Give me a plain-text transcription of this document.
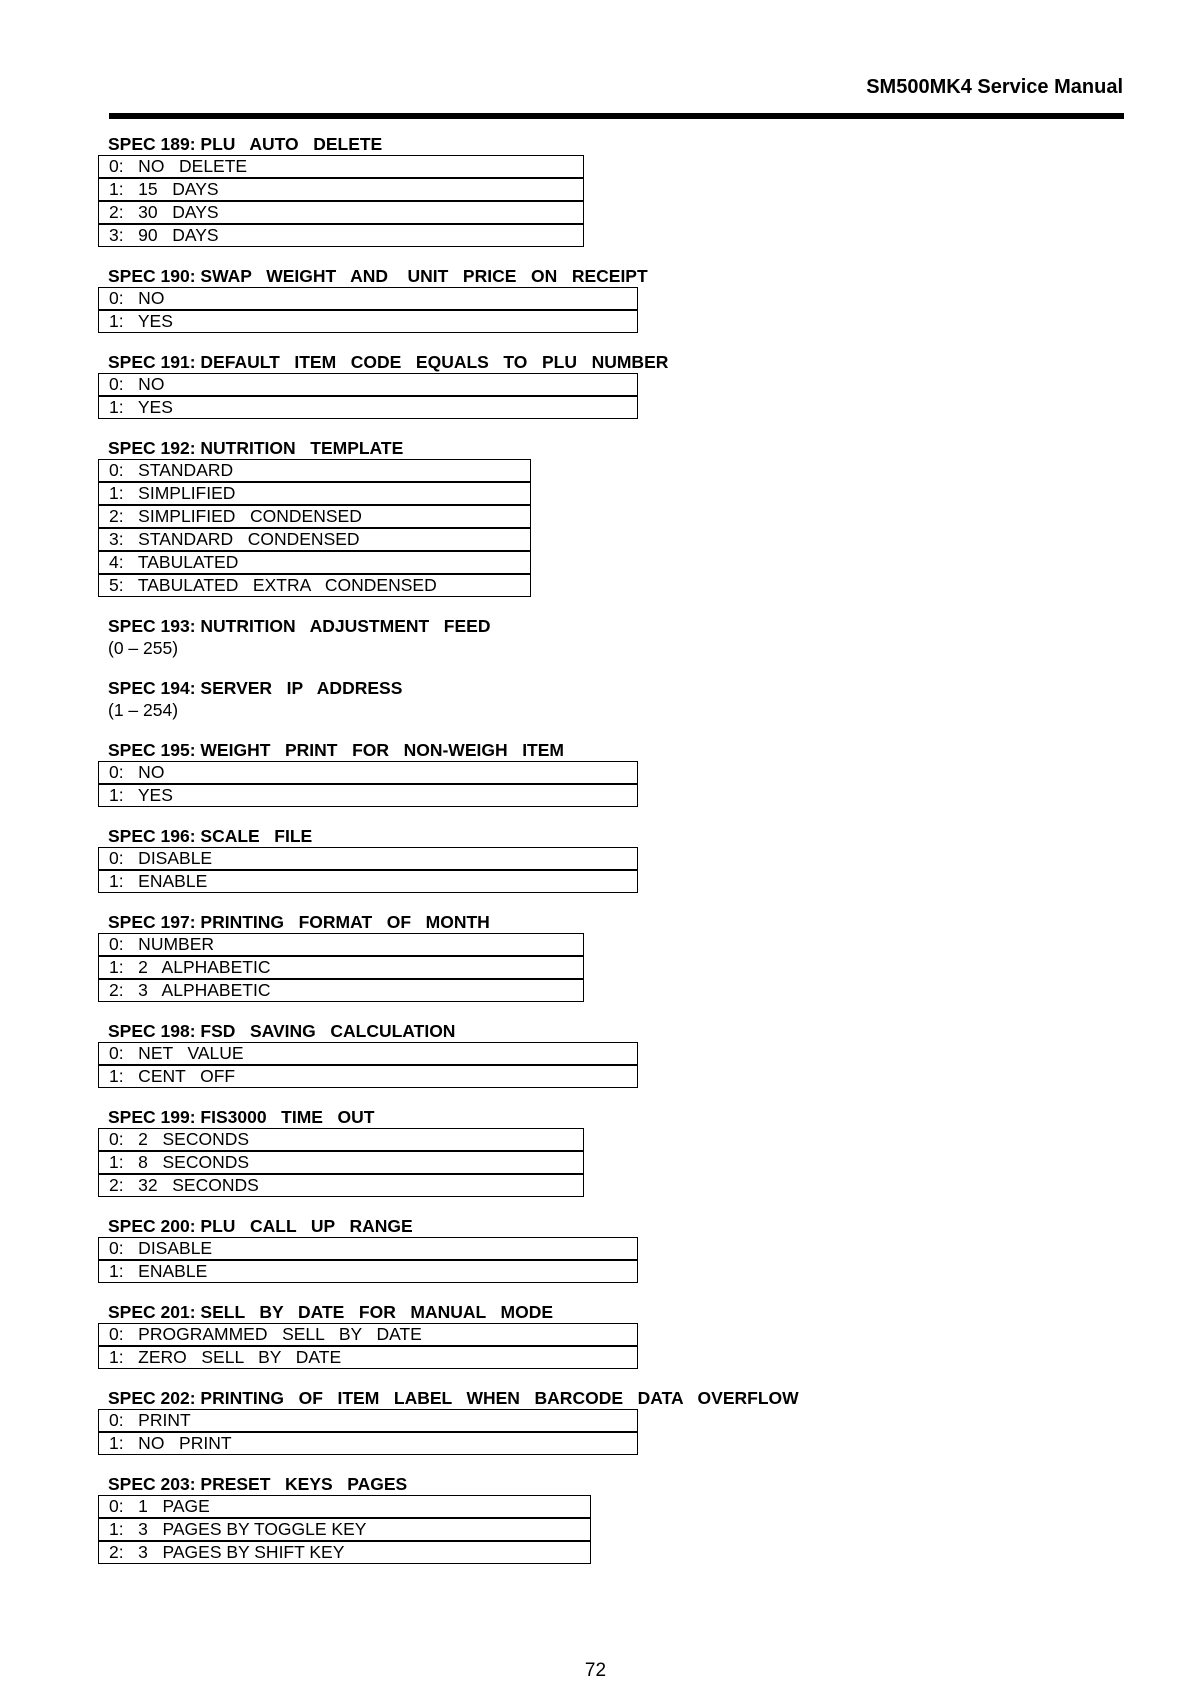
SM500MK4 Service Manual
SPEC 189: PLU   AUTO   DELETE
0:   NO   DELETE
1:   15   DAYS
2:   30   DAYS
3:   90   DAYS
SPEC 190: SWAP   WEIGHT   AND    UNIT   PRICE   ON   RECEIPT
0:   NO
1:   YES
SPEC 191: DEFAULT   ITEM   CODE   EQUALS   TO   PLU   NUMBER
0:   NO
1:   YES
SPEC 192: NUTRITION   TEMPLATE
0:   STANDARD
1:   SIMPLIFIED
2:   SIMPLIFIED   CONDENSED
3:   STANDARD   CONDENSED
4:   TABULATED
5:   TABULATED   EXTRA   CONDENSED
SPEC 193: NUTRITION   ADJUSTMENT   FEED
(0 – 255)
SPEC 194: SERVER   IP   ADDRESS
(1 – 254)
SPEC 195: WEIGHT   PRINT   FOR   NON-WEIGH   ITEM
0:   NO
1:   YES
SPEC 196: SCALE   FILE
0:   DISABLE
1:   ENABLE
SPEC 197: PRINTING   FORMAT   OF   MONTH
0:   NUMBER
1:   2   ALPHABETIC
2:   3   ALPHABETIC
SPEC 198: FSD   SAVING   CALCULATION
0:   NET   VALUE
1:   CENT   OFF
SPEC 199: FIS3000   TIME   OUT
0:   2   SECONDS
1:   8   SECONDS
2:   32   SECONDS
SPEC 200: PLU   CALL   UP   RANGE
0:   DISABLE
1:   ENABLE
SPEC 201: SELL   BY   DATE   FOR   MANUAL   MODE
0:   PROGRAMMED   SELL   BY   DATE
1:   ZERO   SELL   BY   DATE
SPEC 202: PRINTING   OF   ITEM   LABEL   WHEN   BARCODE   DATA   OVERFLOW
0:   PRINT
1:   NO   PRINT
SPEC 203: PRESET   KEYS   PAGES
0:   1   PAGE
1:   3   PAGES BY TOGGLE KEY
2:   3   PAGES BY SHIFT KEY
72
